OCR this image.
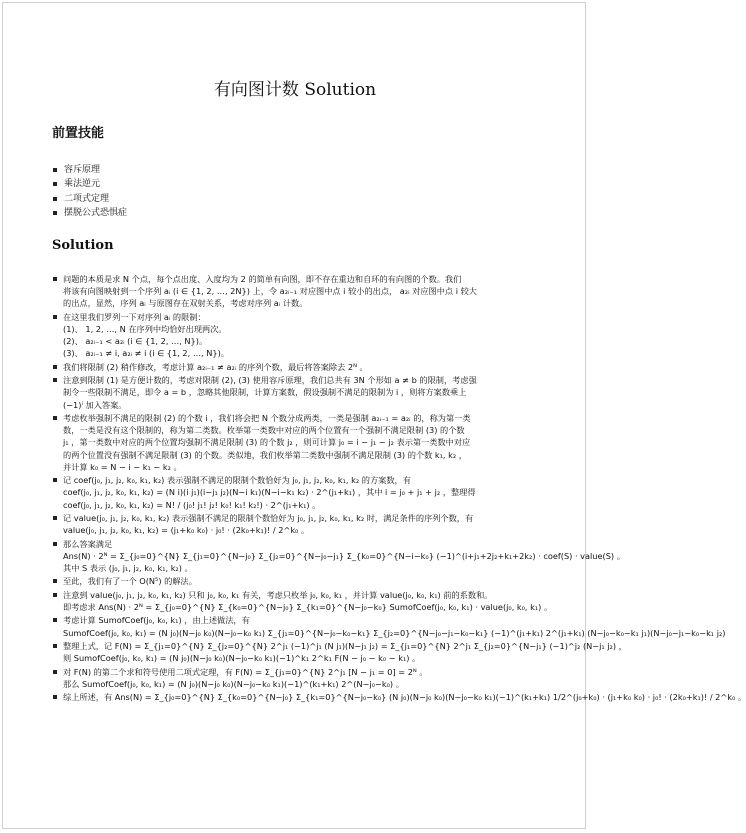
有向图计数 Solution
前置技能
容斥原理
乘法逆元
二项式定理
摆脱公式恐惧症
Solution
问题的本质是求 N 个点，每个点出度、入度均为 2 的简单有向图，即不存在重边和自环的有向图的个数。我们
将该有向图映射到一个序列 aᵢ (i ∈ {1, 2, …, 2N}) 上，令 a₂ᵢ₋₁ 对应图中点 i 较小的出点， a₂ᵢ 对应图中点 i 较大
的出点，显然，序列 aᵢ 与原图存在双射关系，考虑对序列 aᵢ 计数。
在这里我们罗列一下对序列 aᵢ 的限制：
(1)、 1, 2, …, N 在序列中均恰好出现两次。
(2)、 a₂ᵢ₋₁ < a₂ᵢ (i ∈ {1, 2, …, N})。
(3)、 a₂ᵢ₋₁ ≠ i, a₂ᵢ ≠ i (i ∈ {1, 2, …, N})。
我们将限制 (2) 稍作修改，考虑计算 a₂ᵢ₋₁ ≠ a₂ᵢ 的序列个数，最后将答案除去 2ᴺ 。
注意到限制 (1) 是方便计数的，考虑对限制 (2), (3) 使用容斥原理，我们总共有 3N 个形如 a ≠ b 的限制，考虑强
制令一些限制不满足，即令 a = b ，忽略其他限制，计算方案数，假设强制不满足的限制为 i ，则将方案数乘上
(−1)ⁱ 加入答案。
考虑枚举强制不满足的限制 (2) 的个数 i ，我们将会把 N 个数分成两类，一类是强制 a₂ᵢ₋₁ = a₂ᵢ 的，称为第一类
数，一类是没有这个限制的，称为第二类数。枚举第一类数中对应的两个位置有一个强制不满足限制 (3) 的个数
j₁ ，第一类数中对应的两个位置均强制不满足限制 (3) 的个数 j₂ ，则可计算 j₀ = i − j₁ − j₂ 表示第一类数中对应
的两个位置没有强制不满足限制 (3) 的个数。类似地，我们枚举第二类数中强制不满足限制 (3) 的个数 k₁, k₂ ，
并计算 k₀ = N − i − k₁ − k₂ 。
记 coef(j₀, j₁, j₂, k₀, k₁, k₂) 表示强制不满足的限制个数恰好为 j₀, j₁, j₂, k₀, k₁, k₂ 的方案数，有
coef(j₀, j₁, j₂, k₀, k₁, k₂) = (N i)(i j₁)(i−j₁ j₂)(N−i k₁)(N−i−k₁ k₂) · 2^(j₁+k₁) ，其中 i = j₀ + j₁ + j₂ ，整理得
coef(j₀, j₁, j₂, k₀, k₁, k₂) = N! / (j₀! j₁! j₂! k₀! k₁! k₂!) · 2^(j₁+k₁) 。
记 value(j₀, j₁, j₂, k₀, k₁, k₂) 表示强制不满足的限制个数恰好为 j₀, j₁, j₂, k₀, k₁, k₂ 时，满足条件的序列个数，有
value(j₀, j₁, j₂, k₀, k₁, k₂) = (j₁+k₀ k₀) · j₀! · (2k₀+k₁)! / 2^k₀ 。
那么答案满足
Ans(N) · 2ᴺ = Σ_{j₀=0}^{N} Σ_{j₁=0}^{N−j₀} Σ_{j₂=0}^{N−j₀−j₁} Σ_{k₀=0}^{N−i−k₀} (−1)^(i+j₁+2j₂+k₁+2k₂) · coef(S) · value(S) 。
其中 S 表示 (j₀, j₁, j₂, k₀, k₁, k₂) 。
至此，我们有了一个 O(N⁵) 的解法。
注意到 value(j₀, j₁, j₂, k₀, k₁, k₂) 只和 j₀, k₀, k₁ 有关，考虑只枚举 j₀, k₀, k₁ ，并计算 value(j₀, k₀, k₁) 前的系数和。
即考虑求 Ans(N) · 2ᴺ = Σ_{j₀=0}^{N} Σ_{k₀=0}^{N−j₀} Σ_{k₁=0}^{N−j₀−k₀} SumofCoef(j₀, k₀, k₁) · value(j₀, k₀, k₁) 。
考虑计算 SumofCoef(j₀, k₀, k₁) ，由上述做法，有
SumofCoef(j₀, k₀, k₁) = (N j₀)(N−j₀ k₀)(N−j₀−k₀ k₁) Σ_{j₁=0}^{N−j₀−k₀−k₁} Σ_{j₂=0}^{N−j₀−j₁−k₀−k₁} (−1)^(j₁+k₁) 2^(j₁+k₁) (N−j₀−k₀−k₁ j₁)(N−j₀−j₁−k₀−k₁ j₂)
整理上式，记 F(N) = Σ_{j₁=0}^{N} Σ_{j₂=0}^{N} 2^j₁ (−1)^j₁ (N j₁)(N−j₁ j₂) = Σ_{j₁=0}^{N} 2^j₁ Σ_{j₂=0}^{N−j₁} (−1)^j₂ (N−j₁ j₂) ，
则 SumofCoef(j₀, k₀, k₁) = (N j₀)(N−j₀ k₀)(N−j₀−k₀ k₁)(−1)^k₁ 2^k₁ F(N − j₀ − k₀ − k₁) 。
对 F(N) 的第二个求和符号使用二项式定理，有 F(N) = Σ_{j₁=0}^{N} 2^j₁ [N − j₁ = 0] = 2ᴺ 。
那么 SumofCoef(j₀, k₀, k₁) = (N j₀)(N−j₀ k₀)(N−j₀−k₀ k₁)(−1)^(k₁+k₁) 2^(N−j₀−k₀) 。
综上所述，有 Ans(N) = Σ_{j₀=0}^{N} Σ_{k₀=0}^{N−j₀} Σ_{k₁=0}^{N−j₀−k₀} (N j₀)(N−j₀ k₀)(N−j₀−k₀ k₁)(−1)^(k₁+k₁) 1/2^(j₀+k₀) · (j₁+k₀ k₀) · j₀! · (2k₀+k₁)! / 2^k₀ 。
